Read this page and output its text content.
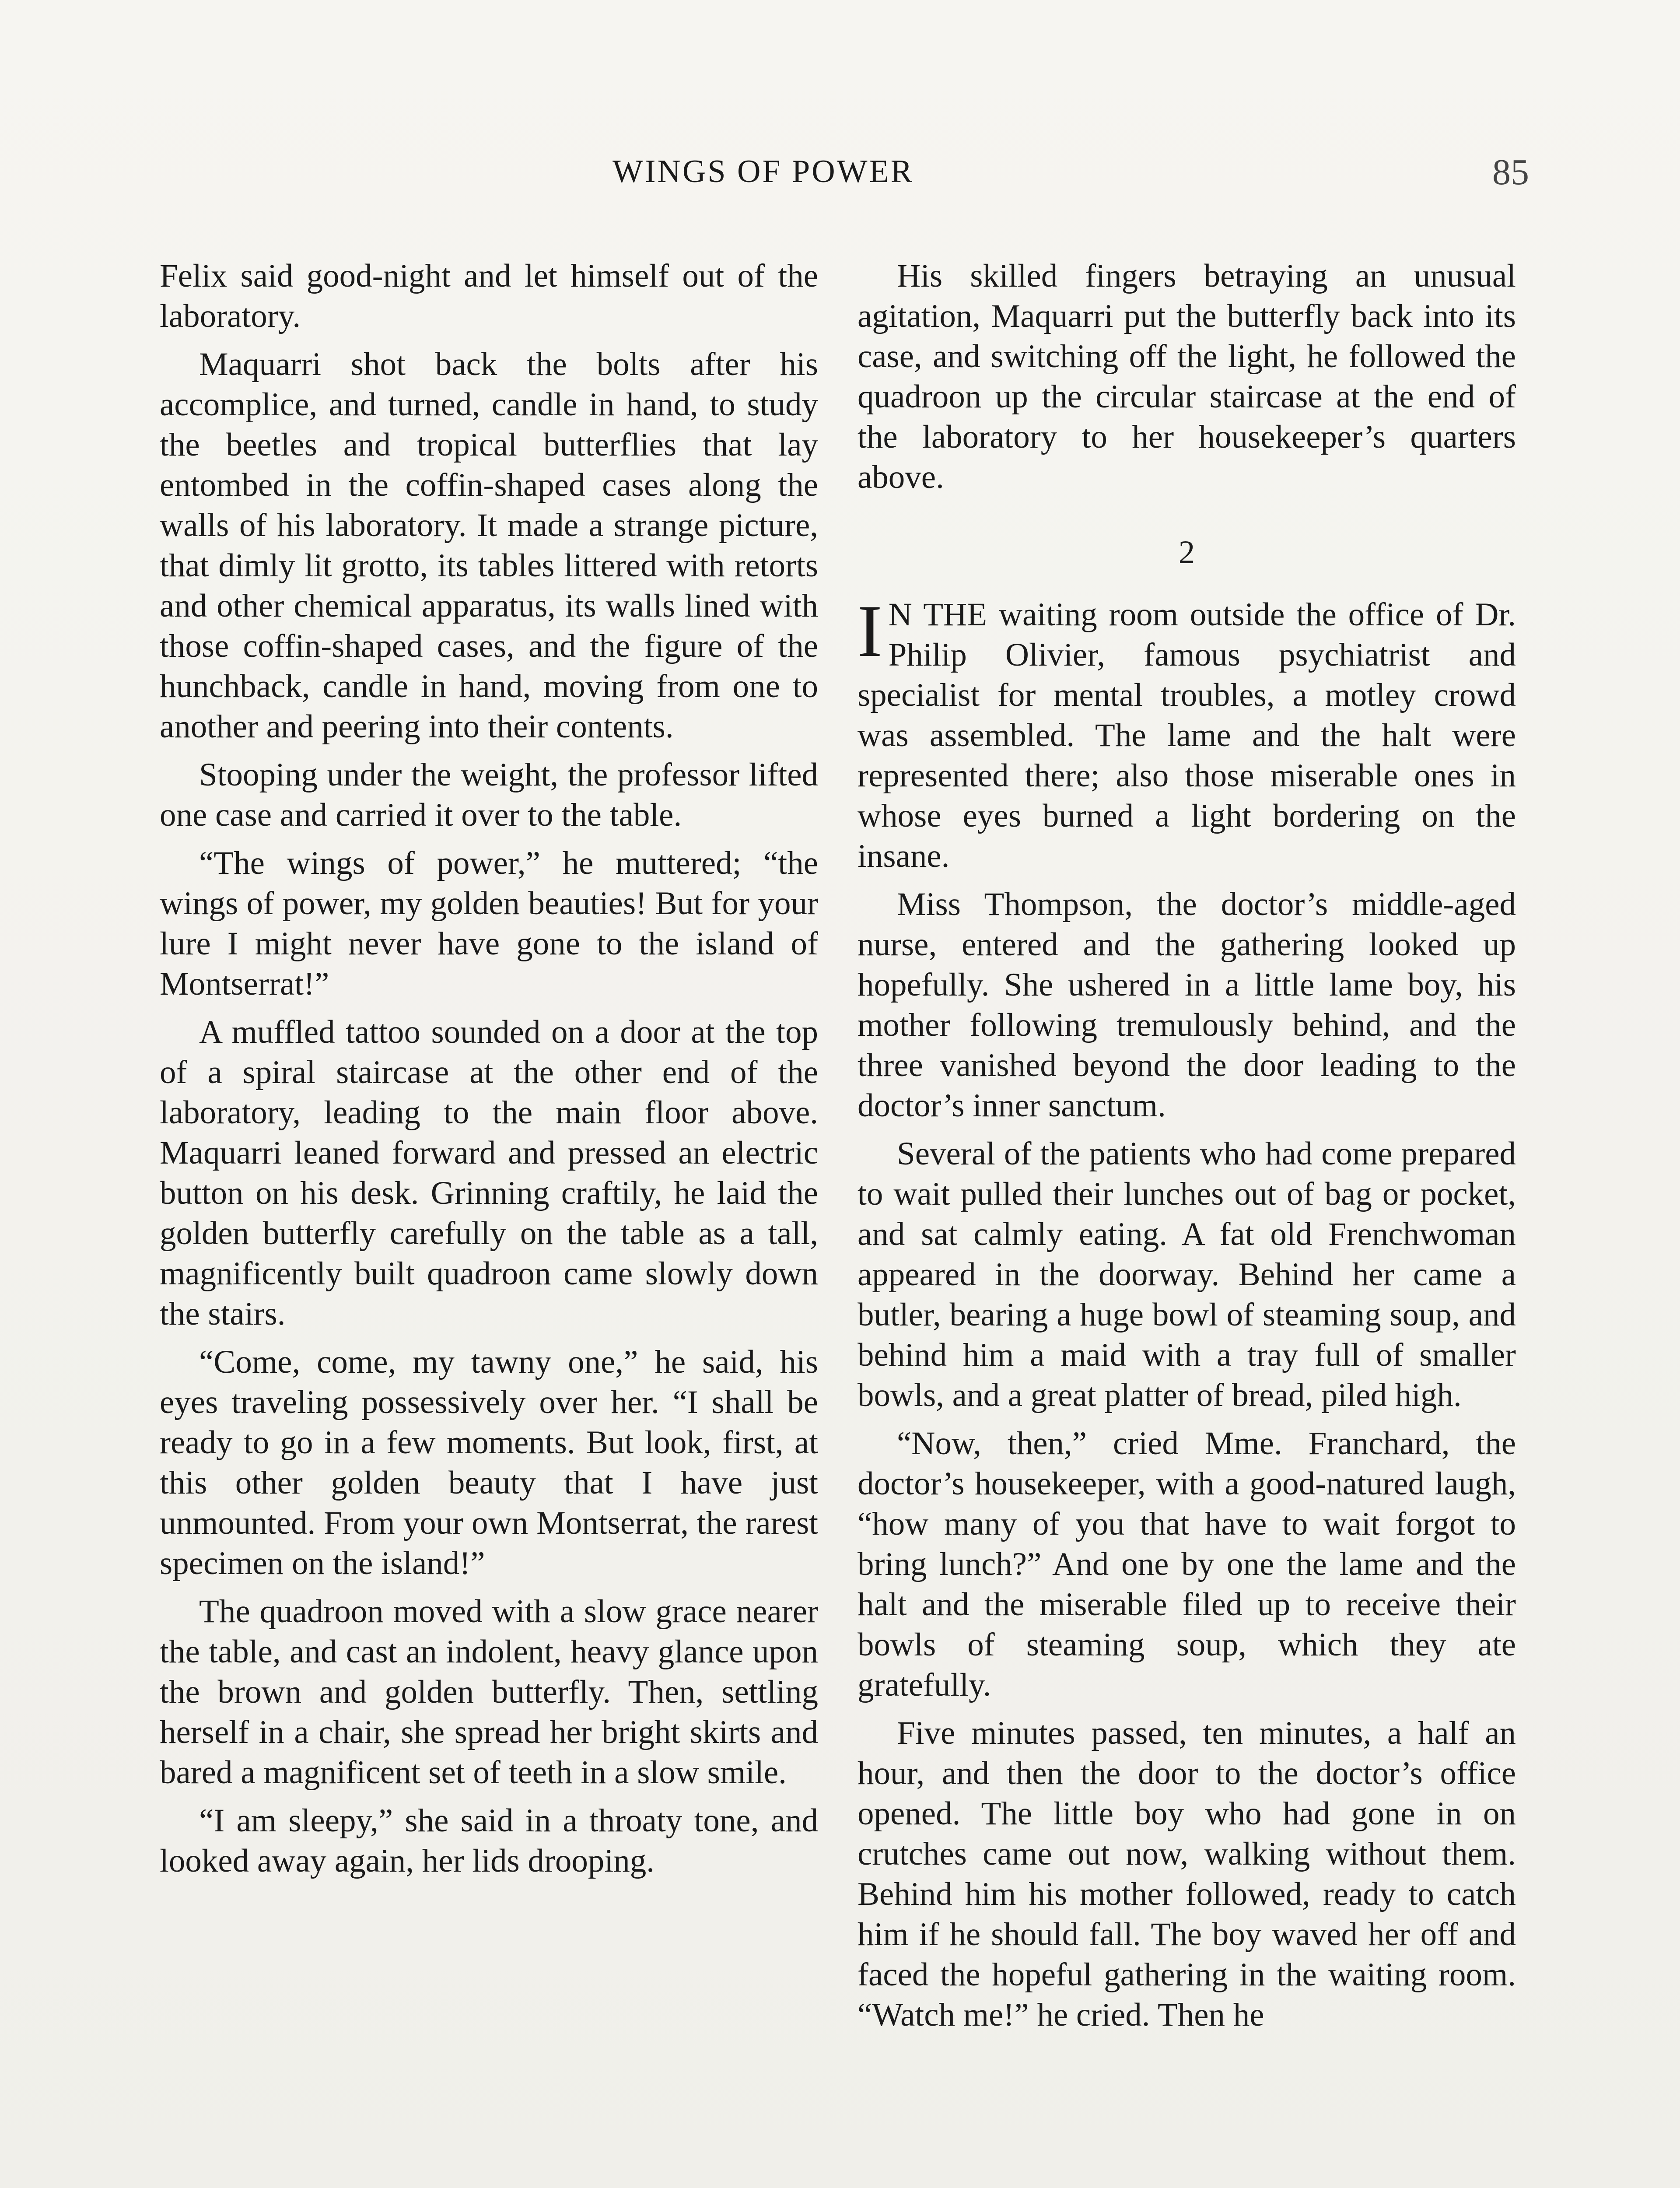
WINGS OF POWER	85

Felix said good-night and let himself out of the laboratory.

Maquarri shot back the bolts after his accomplice, and turned, candle in hand, to study the beetles and tropical butterflies that lay entombed in the coffin-shaped cases along the walls of his laboratory. It made a strange picture, that dimly lit grotto, its tables littered with retorts and other chemical apparatus, its walls lined with those coffin-shaped cases, and the figure of the hunchback, candle in hand, moving from one to another and peering into their contents.

Stooping under the weight, the professor lifted one case and carried it over to the table.

“The wings of power,” he muttered; “the wings of power, my golden beauties! But for your lure I might never have gone to the island of Montserrat!”

A muffled tattoo sounded on a door at the top of a spiral staircase at the other end of the laboratory, leading to the main floor above. Maquarri leaned forward and pressed an electric button on his desk. Grinning craftily, he laid the golden butterfly carefully on the table as a tall, magnificently built quadroon came slowly down the stairs.

“Come, come, my tawny one,” he said, his eyes traveling possessively over her. “I shall be ready to go in a few moments. But look, first, at this other golden beauty that I have just unmounted. From your own Montserrat, the rarest specimen on the island!”

The quadroon moved with a slow grace nearer the table, and cast an indolent, heavy glance upon the brown and golden butterfly. Then, settling herself in a chair, she spread her bright skirts and bared a magnificent set of teeth in a slow smile.

“I am sleepy,” she said in a throaty tone, and looked away again, her lids drooping.

His skilled fingers betraying an unusual agitation, Maquarri put the butterfly back into its case, and switching off the light, he followed the quadroon up the circular staircase at the end of the laboratory to her housekeeper’s quarters above.

2

I N THE waiting room outside the office of Dr. Philip Olivier, famous psychiatrist and specialist for mental troubles, a motley crowd was assembled. The lame and the halt were represented there; also those miserable ones in whose eyes burned a light bordering on the insane.

Miss Thompson, the doctor’s middle-aged nurse, entered and the gathering looked up hopefully. She ushered in a little lame boy, his mother following tremulously behind, and the three vanished beyond the door leading to the doctor’s inner sanctum.

Several of the patients who had come prepared to wait pulled their lunches out of bag or pocket, and sat calmly eating. A fat old Frenchwoman appeared in the doorway. Behind her came a butler, bearing a huge bowl of steaming soup, and behind him a maid with a tray full of smaller bowls, and a great platter of bread, piled high.

“Now, then,” cried Mme. Franchard, the doctor’s housekeeper, with a good-natured laugh, “how many of you that have to wait forgot to bring lunch?” And one by one the lame and the halt and the miserable filed up to receive their bowls of steaming soup, which they ate gratefully.

Five minutes passed, ten minutes, a half an hour, and then the door to the doctor’s office opened. The little boy who had gone in on crutches came out now, walking without them. Behind him his mother followed, ready to catch him if he should fall. The boy waved her off and faced the hopeful gathering in the waiting room. “Watch me!” he cried. Then he
